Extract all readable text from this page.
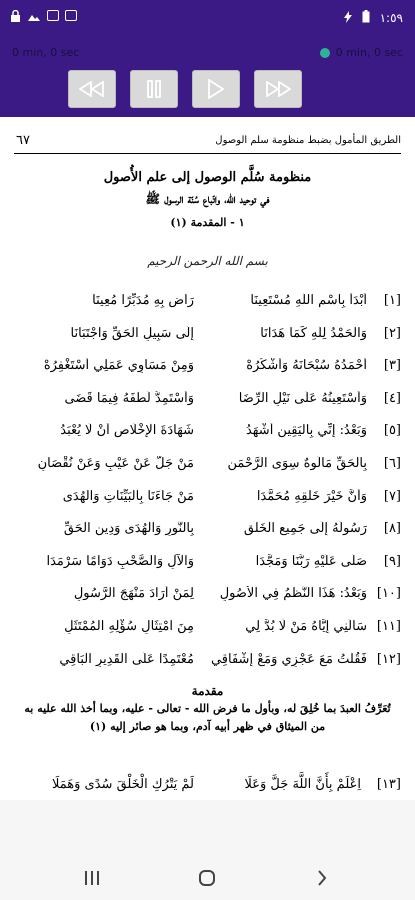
١:٥٩
0 min, 0 sec	0 min, 0 sec
الطريق المأمول بضبط منظومة سلم الوصول
٦٧
منظومة سُلَّم الوصول إلى علم الأُصول
في توحيد الله، واتّباع سُنّة الرسول ﷺ
١ - المقدمة (١)
بسم الله الرحمن الرحيم
[١]
أَبْدَأُ بِاسْمِ اللَّهِ مُسْتَعِينَا
رَاضٍ بِهِ مُدَبِّرًا مُعِينَا
[٢]
وَالْحَمْدُ لِلَّهِ كَمَا هَدَانَا
إِلَى سَبِيلِ الْحَقِّ وَاجْتَبَانَا
[٣]
أَحْمَدُهُ سُبْحَانَهُ وَأَشْكُرُهْ
وَمِنْ مَسَاوِي عَمَلِي أَسْتَغْفِرُهْ
[٤]
وَأَسْتَعِينُهُ عَلَى نَيْلِ الرِّضَا
وَأَسْتَمِدُّ لُطْفَهُ فِيمَا قَضَى
[٥]
وَبَعْدُ: إِنِّي بِالْيَقِينِ أَشْهَدُ
شَهَادَةَ الْإِخْلَاصِ أَنْ لَا يُعْبَدُ
[٦]
بِالْحَقِّ مَأْلُوهٌ سِوَى الرَّحْمَنِ
مَنْ جَلَّ عَنْ عَيْبٍ وَعَنْ نُقْصَانِ
[٧]
وَأَنَّ خَيْرَ خَلْقِهِ مُحَمَّدَا
مَنْ جَاءَنَا بِالْبَيِّنَاتِ وَالْهُدَى
[٨]
رَسُولُهُ إِلَى جَمِيعِ الْخَلْقِ
بِالنُّورِ وَالْهُدَى وَدِينِ الْحَقِّ
[٩]
صَلَّى عَلَيْهِ رَبُّنَا وَمَجَّدَا
وَالْآلِ وَالصَّحْبِ دَوَامًا سَرْمَدَا
[١٠]
وَبَعْدُ: هَذَا النَّظْمُ فِي الْأُصُولِ
لِمَنْ أَرَادَ مَنْهَجَ الرَّسُولِ
[١١]
سَأَلَنِي إِيَّاهُ مَنْ لَا بُدَّ لِي
مِنَ امْتِثَالِ سُؤْلِهِ الْمُمْتَثَلِ
[١٢]
فَقُلْتُ مَعَ عَجْزِي وَمَعْ إِشْفَاقِي
مُعْتَمِدًا عَلَى الْقَدِيرِ الْبَاقِي
مقدمة
تُعَرِّفُ العبدَ بما خُلِقَ له، وبأول ما فرض الله - تعالى - عليه، وبما أخذ الله عليه به من الميثاق في ظهر أبيه آدم، وبما هو صائر إليه (١)
[١٣]
اِعْلَمْ بِأَنَّ اللَّهَ جَلَّ وَعَلَا
لَمْ يَتْرُكِ الْخَلْقَ سُدًى وَهَمَلَا
